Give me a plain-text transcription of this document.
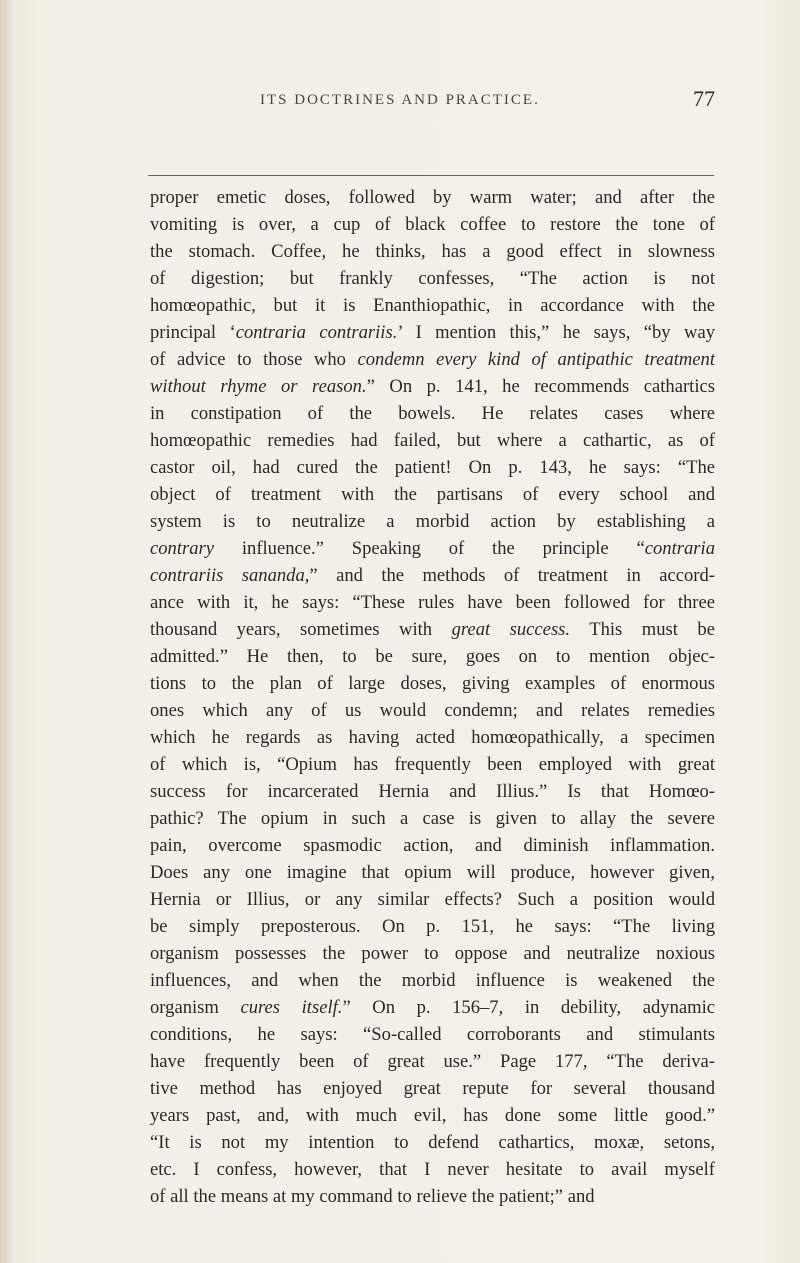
ITS DOCTRINES AND PRACTICE.	77
proper emetic doses, followed by warm water; and after the
vomiting is over, a cup of black coffee to restore the tone of
the stomach. Coffee, he thinks, has a good effect in slowness
of digestion; but frankly confesses, “The action is not
homœopathic, but it is Enanthiopathic, in accordance with the
principal ‘contraria contrariis.’ I mention this,” he says, “by way
of advice to those who condemn every kind of antipathic treatment
without rhyme or reason.” On p. 141, he recommends cathartics
in constipation of the bowels. He relates cases where
homœopathic remedies had failed, but where a cathartic, as of
castor oil, had cured the patient! On p. 143, he says: “The
object of treatment with the partisans of every school and
system is to neutralize a morbid action by establishing a
contrary influence.” Speaking of the principle “contraria
contrariis sananda,” and the methods of treatment in accord-
ance with it, he says: “These rules have been followed for three
thousand years, sometimes with great success. This must be
admitted.” He then, to be sure, goes on to mention objec-
tions to the plan of large doses, giving examples of enormous
ones which any of us would condemn; and relates remedies
which he regards as having acted homœopathically, a specimen
of which is, “Opium has frequently been employed with great
success for incarcerated Hernia and Illius.” Is that Homœo-
pathic? The opium in such a case is given to allay the severe
pain, overcome spasmodic action, and diminish inflammation.
Does any one imagine that opium will produce, however given,
Hernia or Illius, or any similar effects? Such a position would
be simply preposterous. On p. 151, he says: “The living
organism possesses the power to oppose and neutralize noxious
influences, and when the morbid influence is weakened the
organism cures itself.” On p. 156–7, in debility, adynamic
conditions, he says: “So-called corroborants and stimulants
have frequently been of great use.” Page 177, “The deriva-
tive method has enjoyed great repute for several thousand
years past, and, with much evil, has done some little good.”
“It is not my intention to defend cathartics, moxæ, setons,
etc. I confess, however, that I never hesitate to avail myself
of all the means at my command to relieve the patient;” and
